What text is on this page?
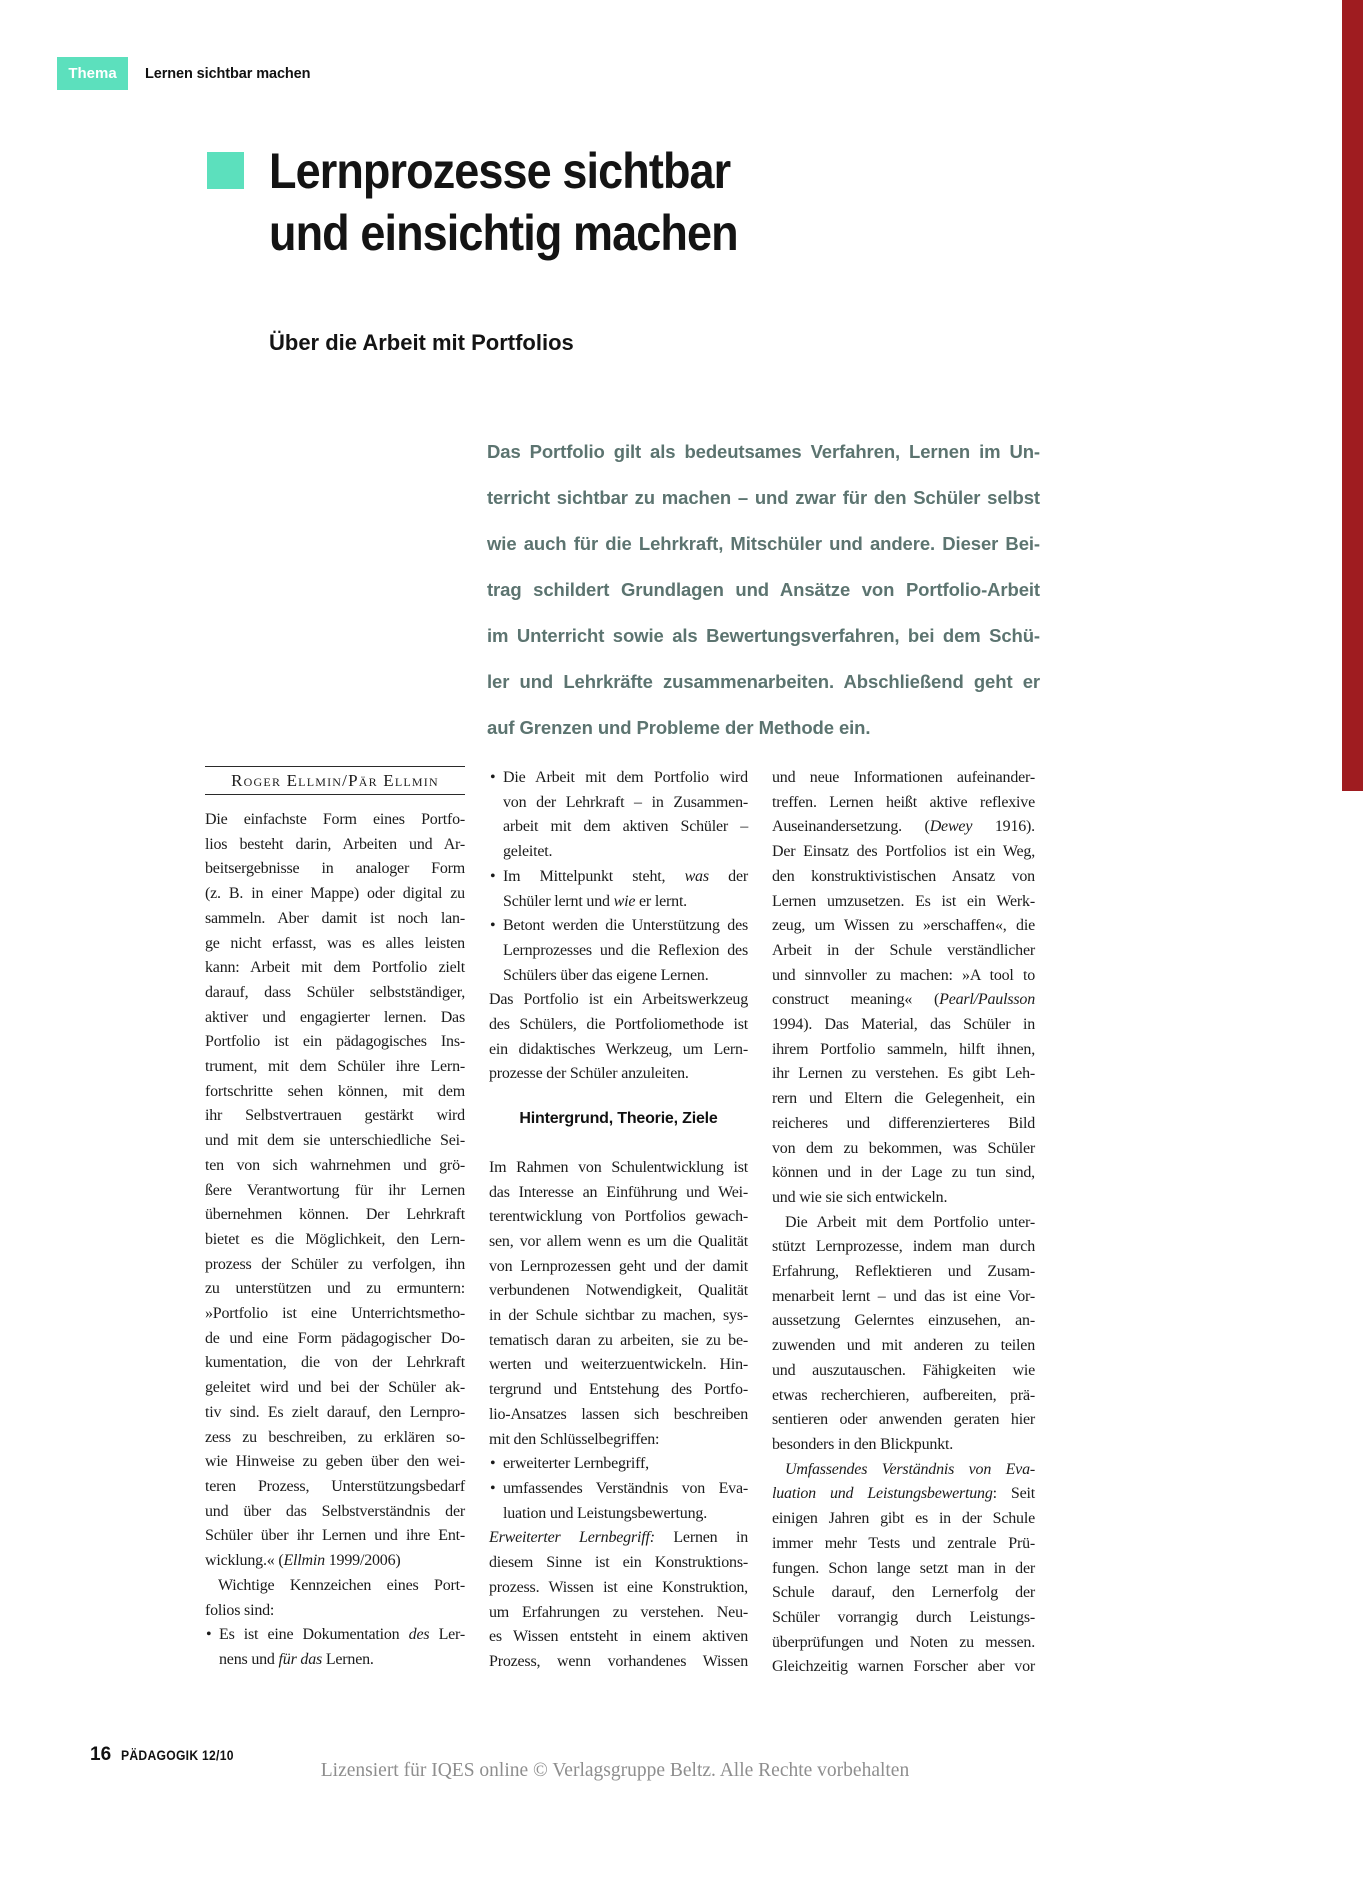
Thema Lernen sichtbar machen
Lernprozesse sichtbar
und einsichtig machen
Über die Arbeit mit Portfolios
Das Portfolio gilt als bedeutsames Verfahren, Lernen im Un-
terricht sichtbar zu machen – und zwar für den Schüler selbst
wie auch für die Lehrkraft, Mitschüler und andere. Dieser Bei-
trag schildert Grundlagen und Ansätze von Portfolio-Arbeit
im Unterricht sowie als Bewertungsverfahren, bei dem Schü-
ler und Lehrkräfte zusammenarbeiten. Abschließend geht er
auf Grenzen und Probleme der Methode ein.
Roger Ellmin/Pär Ellmin
Die einfachste Form eines Portfo-
lios besteht darin, Arbeiten und Ar-
beitsergebnisse in analoger Form
(z. B. in einer Mappe) oder digital zu
sammeln. Aber damit ist noch lan-
ge nicht erfasst, was es alles leisten
kann: Arbeit mit dem Portfolio zielt
darauf, dass Schüler selbstständiger,
aktiver und engagierter lernen. Das
Portfolio ist ein pädagogisches Ins-
trument, mit dem Schüler ihre Lern-
fortschritte sehen können, mit dem
ihr Selbstvertrauen gestärkt wird
und mit dem sie unterschiedliche Sei-
ten von sich wahrnehmen und grö-
ßere Verantwortung für ihr Lernen
übernehmen können. Der Lehrkraft
bietet es die Möglichkeit, den Lern-
prozess der Schüler zu verfolgen, ihn
zu unterstützen und zu ermuntern:
»Portfolio ist eine Unterrichtsmetho-
de und eine Form pädagogischer Do-
kumentation, die von der Lehrkraft
geleitet wird und bei der Schüler ak-
tiv sind. Es zielt darauf, den Lernpro-
zess zu beschreiben, zu erklären so-
wie Hinweise zu geben über den wei-
teren Prozess, Unterstützungsbedarf
und über das Selbstverständnis der
Schüler über ihr Lernen und ihre Ent-
wicklung.« (Ellmin 1999/2006)
Wichtige Kennzeichen eines Port-
folios sind:
• Es ist eine Dokumentation des Ler-
nens und für das Lernen.
• Die Arbeit mit dem Portfolio wird
von der Lehrkraft – in Zusammen-
arbeit mit dem aktiven Schüler –
geleitet.
• Im Mittelpunkt steht, was der
Schüler lernt und wie er lernt.
• Betont werden die Unterstützung des
Lernprozesses und die Reflexion des
Schülers über das eigene Lernen.
Das Portfolio ist ein Arbeitswerkzeug
des Schülers, die Portfoliomethode ist
ein didaktisches Werkzeug, um Lern-
prozesse der Schüler anzuleiten.
Hintergrund, Theorie, Ziele
Im Rahmen von Schulentwicklung ist
das Interesse an Einführung und Wei-
terentwicklung von Portfolios gewach-
sen, vor allem wenn es um die Qualität
von Lernprozessen geht und der damit
verbundenen Notwendigkeit, Qualität
in der Schule sichtbar zu machen, sys-
tematisch daran zu arbeiten, sie zu be-
werten und weiterzuentwickeln. Hin-
tergrund und Entstehung des Portfo-
lio-Ansatzes lassen sich beschreiben
mit den Schlüsselbegriffen:
• erweiterter Lernbegriff,
• umfassendes Verständnis von Eva-
luation und Leistungsbewertung.
Erweiterter Lernbegriff: Lernen in
diesem Sinne ist ein Konstruktions-
prozess. Wissen ist eine Konstruktion,
um Erfahrungen zu verstehen. Neu-
es Wissen entsteht in einem aktiven
Prozess, wenn vorhandenes Wissen
und neue Informationen aufeinander-
treffen. Lernen heißt aktive reflexive
Auseinandersetzung. (Dewey 1916).
Der Einsatz des Portfolios ist ein Weg,
den konstruktivistischen Ansatz von
Lernen umzusetzen. Es ist ein Werk-
zeug, um Wissen zu »erschaffen«, die
Arbeit in der Schule verständlicher
und sinnvoller zu machen: »A tool to
construct meaning« (Pearl/Paulsson
1994). Das Material, das Schüler in
ihrem Portfolio sammeln, hilft ihnen,
ihr Lernen zu verstehen. Es gibt Leh-
rern und Eltern die Gelegenheit, ein
reicheres und differenzierteres Bild
von dem zu bekommen, was Schüler
können und in der Lage zu tun sind,
und wie sie sich entwickeln.
Die Arbeit mit dem Portfolio unter-
stützt Lernprozesse, indem man durch
Erfahrung, Reflektieren und Zusam-
menarbeit lernt – und das ist eine Vor-
aussetzung Gelerntes einzusehen, an-
zuwenden und mit anderen zu teilen
und auszutauschen. Fähigkeiten wie
etwas recherchieren, aufbereiten, prä-
sentieren oder anwenden geraten hier
besonders in den Blickpunkt.
Umfassendes Verständnis von Eva-
luation und Leistungsbewertung: Seit
einigen Jahren gibt es in der Schule
immer mehr Tests und zentrale Prü-
fungen. Schon lange setzt man in der
Schule darauf, den Lernerfolg der
Schüler vorrangig durch Leistungs-
überprüfungen und Noten zu messen.
Gleichzeitig warnen Forscher aber vor
16 PÄDAGOGIK 12/10
Lizensiert für IQES online © Verlagsgruppe Beltz. Alle Rechte vorbehalten
